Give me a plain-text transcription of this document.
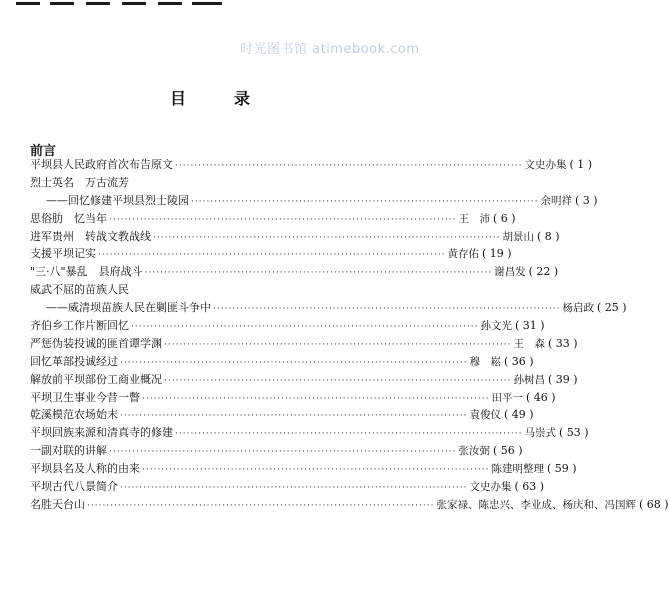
时光图书馆 atimebook.com
目　录
前言
平坝县人民政府首次布告原文 ·························································································· 文史办集 ( 1 )
烈士英名　万古流芳
——回忆修建平坝县烈士陵园 ·························································································· 余明祥 ( 3 )
思俗肋　忆当年 ·························································································· 王　沛 ( 6 )
进军贵州　转战文教战线 ·························································································· 胡景山 ( 8 )
支援平坝记实 ·························································································· 黄存佑 ( 19 )
"三·八"暴乱　县府战斗 ·························································································· 谢昌发 ( 22 )
威武不屈的苗族人民
——威清坝苗族人民在剿匪斗争中 ·························································································· 杨启政 ( 25 )
齐伯乡工作片断回忆 ·························································································· 孙文光 ( 31 )
严惩伪装投诚的匪首谭学渊 ·························································································· 王　森 ( 33 )
回忆革部投诚经过 ·························································································· 穆　崧 ( 36 )
解放前平坝部份工商业概况 ·························································································· 孙树昌 ( 39 )
平坝卫生事业今昔一瞥 ·························································································· 田平一 ( 46 )
乾溪模范农场始末 ·························································································· 袁俊仪 ( 49 )
平坝回族来源和清真寺的修建 ·························································································· 马崇式 ( 53 )
一副对联的讲解 ·························································································· 张汝弼 ( 56 )
平坝县名及人称的由来 ·························································································· 陈建明整理 ( 59 )
平坝古代八景简介 ·························································································· 文史办集 ( 63 )
名胜天台山 ·························································································· 张家禄、陈忠兴、李业成、杨庆和、冯国辉 ( 68 )
